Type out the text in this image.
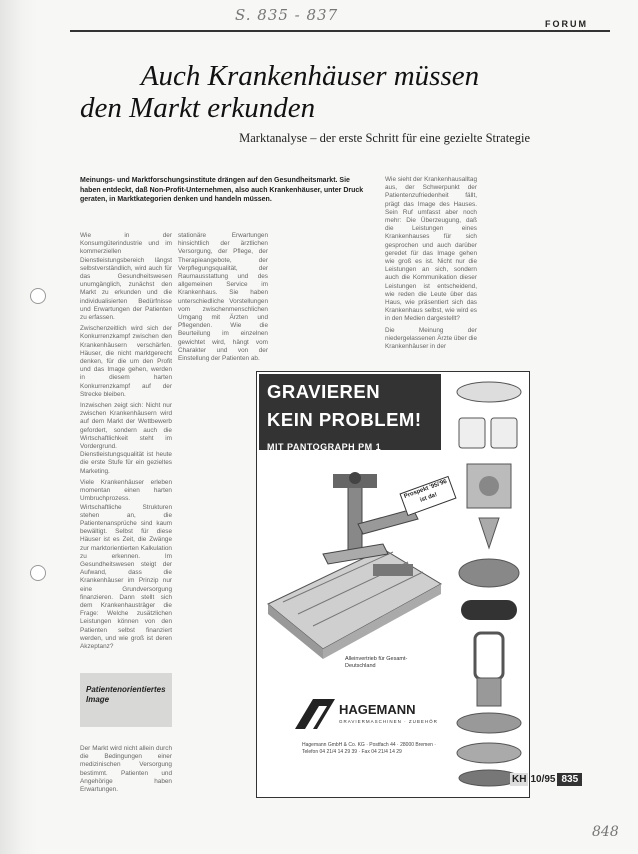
S. 835 - 837	FORUM
Auch Krankenhäuser müssen
den Markt erkunden
Marktanalyse – der erste Schritt für eine gezielte Strategie
Meinungs- und Marktforschungsinstitute drängen auf den Gesundheitsmarkt. Sie haben entdeckt, daß Non-Profit-Unternehmen, also auch Krankenhäuser, unter Druck geraten, in Marktkategorien denken und handeln müssen.

Wie in der Konsumgüterindustrie und im kommerziellen Dienstleistungsbereich längst selbstverständlich, wird auch für das Gesundheitswesen unumgänglich, zunächst den Markt zu erkunden und die individualisierten Bedürfnisse und Erwartungen der Patienten zu erfassen.

Zwischenzeitlich wird sich der Konkurrenzkampf zwischen den Krankenhäusern verschärfen. Häuser, die nicht marktgerecht denken, für die um den Profit und das Image gehen, werden in diesem harten Konkurrenzkampf auf der Strecke bleiben.

Inzwischen zeigt sich: Nicht nur zwischen Krankenhäusern wird auf dem Markt der Wettbewerb gefordert, sondern auch die Wirtschaftlichkeit steht im Vordergrund. Dienstleistungsqualität ist heute die erste Stufe für ein gezieltes Marketing.

Viele Krankenhäuser erleben momentan einen harten Umbruchprozess. Wirtschaftliche Strukturen stehen an, die Patientenansprüche sind kaum bewältigt. Selbst für diese Häuser ist es Zeit, die Zwänge zur marktorientierten Kalkulation zu erkennen. Im Gesundheitswesen steigt der Aufwand, dass die Krankenhäuser im Prinzip nur eine Grundversorgung finanzieren. Dann stellt sich dem Krankenhausträger die Frage: Welche zusätzlichen Leistungen können von den Patienten selbst finanziert werden, und wie groß ist deren Akzeptanz?

Patientenorientiertes Image
Der Markt wird nicht allein durch die Bedingungen einer medizinischen Versorgung bestimmt. Patienten und Angehörige haben Erwartungen.

stationäre Erwartungen hinsichtlich der ärztlichen Versorgung, der Pflege, der Therapieangebote, der Verpflegungsqualität, der Raumausstattung und des allgemeinen Service im Krankenhaus. Sie haben unterschiedliche Vorstellungen vom zwischenmenschlichen Umgang mit Ärzten und Pflegenden. Wie die Beurteilung im einzelnen gewichtet wird, hängt vom Charakter und von der Einstellung der Patienten ab.

Wie sieht der Krankenhausalltag aus, der Schwerpunkt der Patientenzufriedenheit fällt, prägt das Image des Hauses. Sein Ruf umfasst aber noch mehr: Die Überzeugung, daß die Leistungen eines Krankenhauses für sich gesprochen und auch darüber geredet für das Image gehen wie groß es ist. Nicht nur die Leistungen an sich, sondern auch die Kommunikation dieser Leistungen ist entscheidend, wie reden die Leute über das Haus, wie präsentiert sich das Krankenhaus selbst, wie wird es in den Medien dargestellt?

Die Meinung der niedergelassenen Ärzte über die Krankenhäuser in der

GRAVIEREN
KEIN PROBLEM!
MIT PANTOGRAPH PM 1
Prospekt '95/'96 ist da!
Alleinvertrieb für Gesamt-Deutschland
HAGEMANN
GRAVIERMASCHINEN · ZUBEHÖR
Hagemann GmbH & Co. KG · Postfach 44 · 28000 Bremen · Telefon 04 21/4 14 29 39 · Fax 04 21/4 14 29
KH 10/95 835
848
